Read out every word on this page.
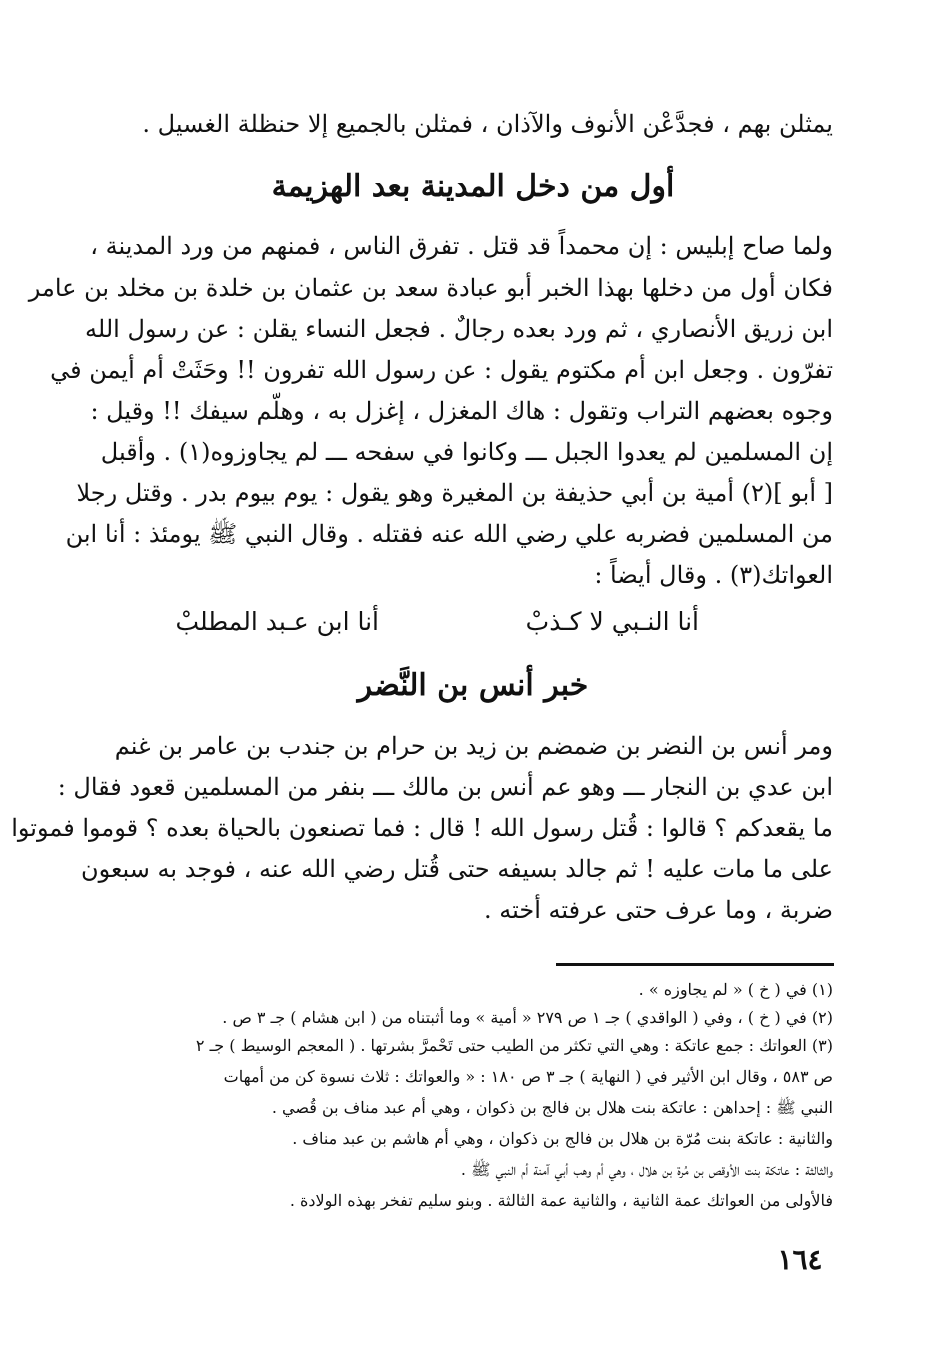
يمثلن بهم ، فجدَّعْن الأنوف والآذان ، فمثلن بالجميع إلا حنظلة الغسيل .
أول من دخل المدينة بعد الهزيمة
ولما صاح إبليس : إن محمداً قد قتل . تفرق الناس ، فمنهم من ورد المدينة ،
فكان أول من دخلها بهذا الخبر أبو عبادة سعد بن عثمان بن خلدة بن مخلد بن عامر
ابن زريق الأنصاري ، ثم ورد بعده رجالٌ . فجعل النساء يقلن : عن رسول الله
تفرّون . وجعل ابن أم مكتوم يقول : عن رسول الله تفرون !! وحَثَتْ أم أيمن في
وجوه بعضهم التراب وتقول : هاك المغزل ، إغزل به ، وهلّم سيفك !! وقيل :
إن المسلمين لم يعدوا الجبل ـــ وكانوا في سفحه ـــ لم يجاوزوه(١) . وأقبل
[ أبو ](٢) أمية بن أبي حذيفة بن المغيرة وهو يقول : يوم بيوم بدر . وقتل رجلا
من المسلمين فضربه علي رضي الله عنه فقتله . وقال النبي ﷺ يومئذ : أنا ابن
العواتك(٣) . وقال أيضاً :
أنا النـبي لا كـذبْ
أنا ابن عـبد المطلبْ
خبر أنس بن النَّضر
ومر أنس بن النضر بن ضمضم بن زيد بن حرام بن جندب بن عامر بن غنم
ابن عدي بن النجار ـــ وهو عم أنس بن مالك ـــ بنفر من المسلمين قعود فقال :
ما يقعدكم ؟ قالوا : قُتل رسول الله ! قال : فما تصنعون بالحياة بعده ؟ قوموا فموتوا
على ما مات عليه ! ثم جالد بسيفه حتى قُتل رضي الله عنه ، فوجد به سبعون
ضربة ، وما عرف حتى عرفته أخته .
(١) في ( خ ) « لم يجاوزه » .
(٢) في ( خ ) ، وفي ( الواقدي ) جـ ١ ص ٢٧٩ « أمية » وما أثبتناه من ( ابن هشام ) جـ ٣ ص .
(٣) العواتك : جمع عاتكة : وهي التي تكثر من الطيب حتى تَحْمرَّ بشرتها . ( المعجم الوسيط ) جـ ٢
ص ٥٨٣ ، وقال ابن الأثير في ( النهاية ) جـ ٣ ص ١٨٠ : « والعواتك : ثلاث نسوة كن من أمهات
النبي ﷺ : إحداهن : عاتكة بنت هلال بن فالج بن ذكوان ، وهي أم عبد مناف بن قُصي .
والثانية : عاتكة بنت مُرّة بن هلال بن فالج بن ذكوان ، وهي أم هاشم بن عبد مناف .
والثالثة : عاتكة بنت الأوقص بن مُرة بن هلال ، وهي أم وهب أبي آمنة أم النبي ﷺ .
فالأولى من العواتك عمة الثانية ، والثانية عمة الثالثة . وبنو سليم تفخر بهذه الولادة .
١٦٤
